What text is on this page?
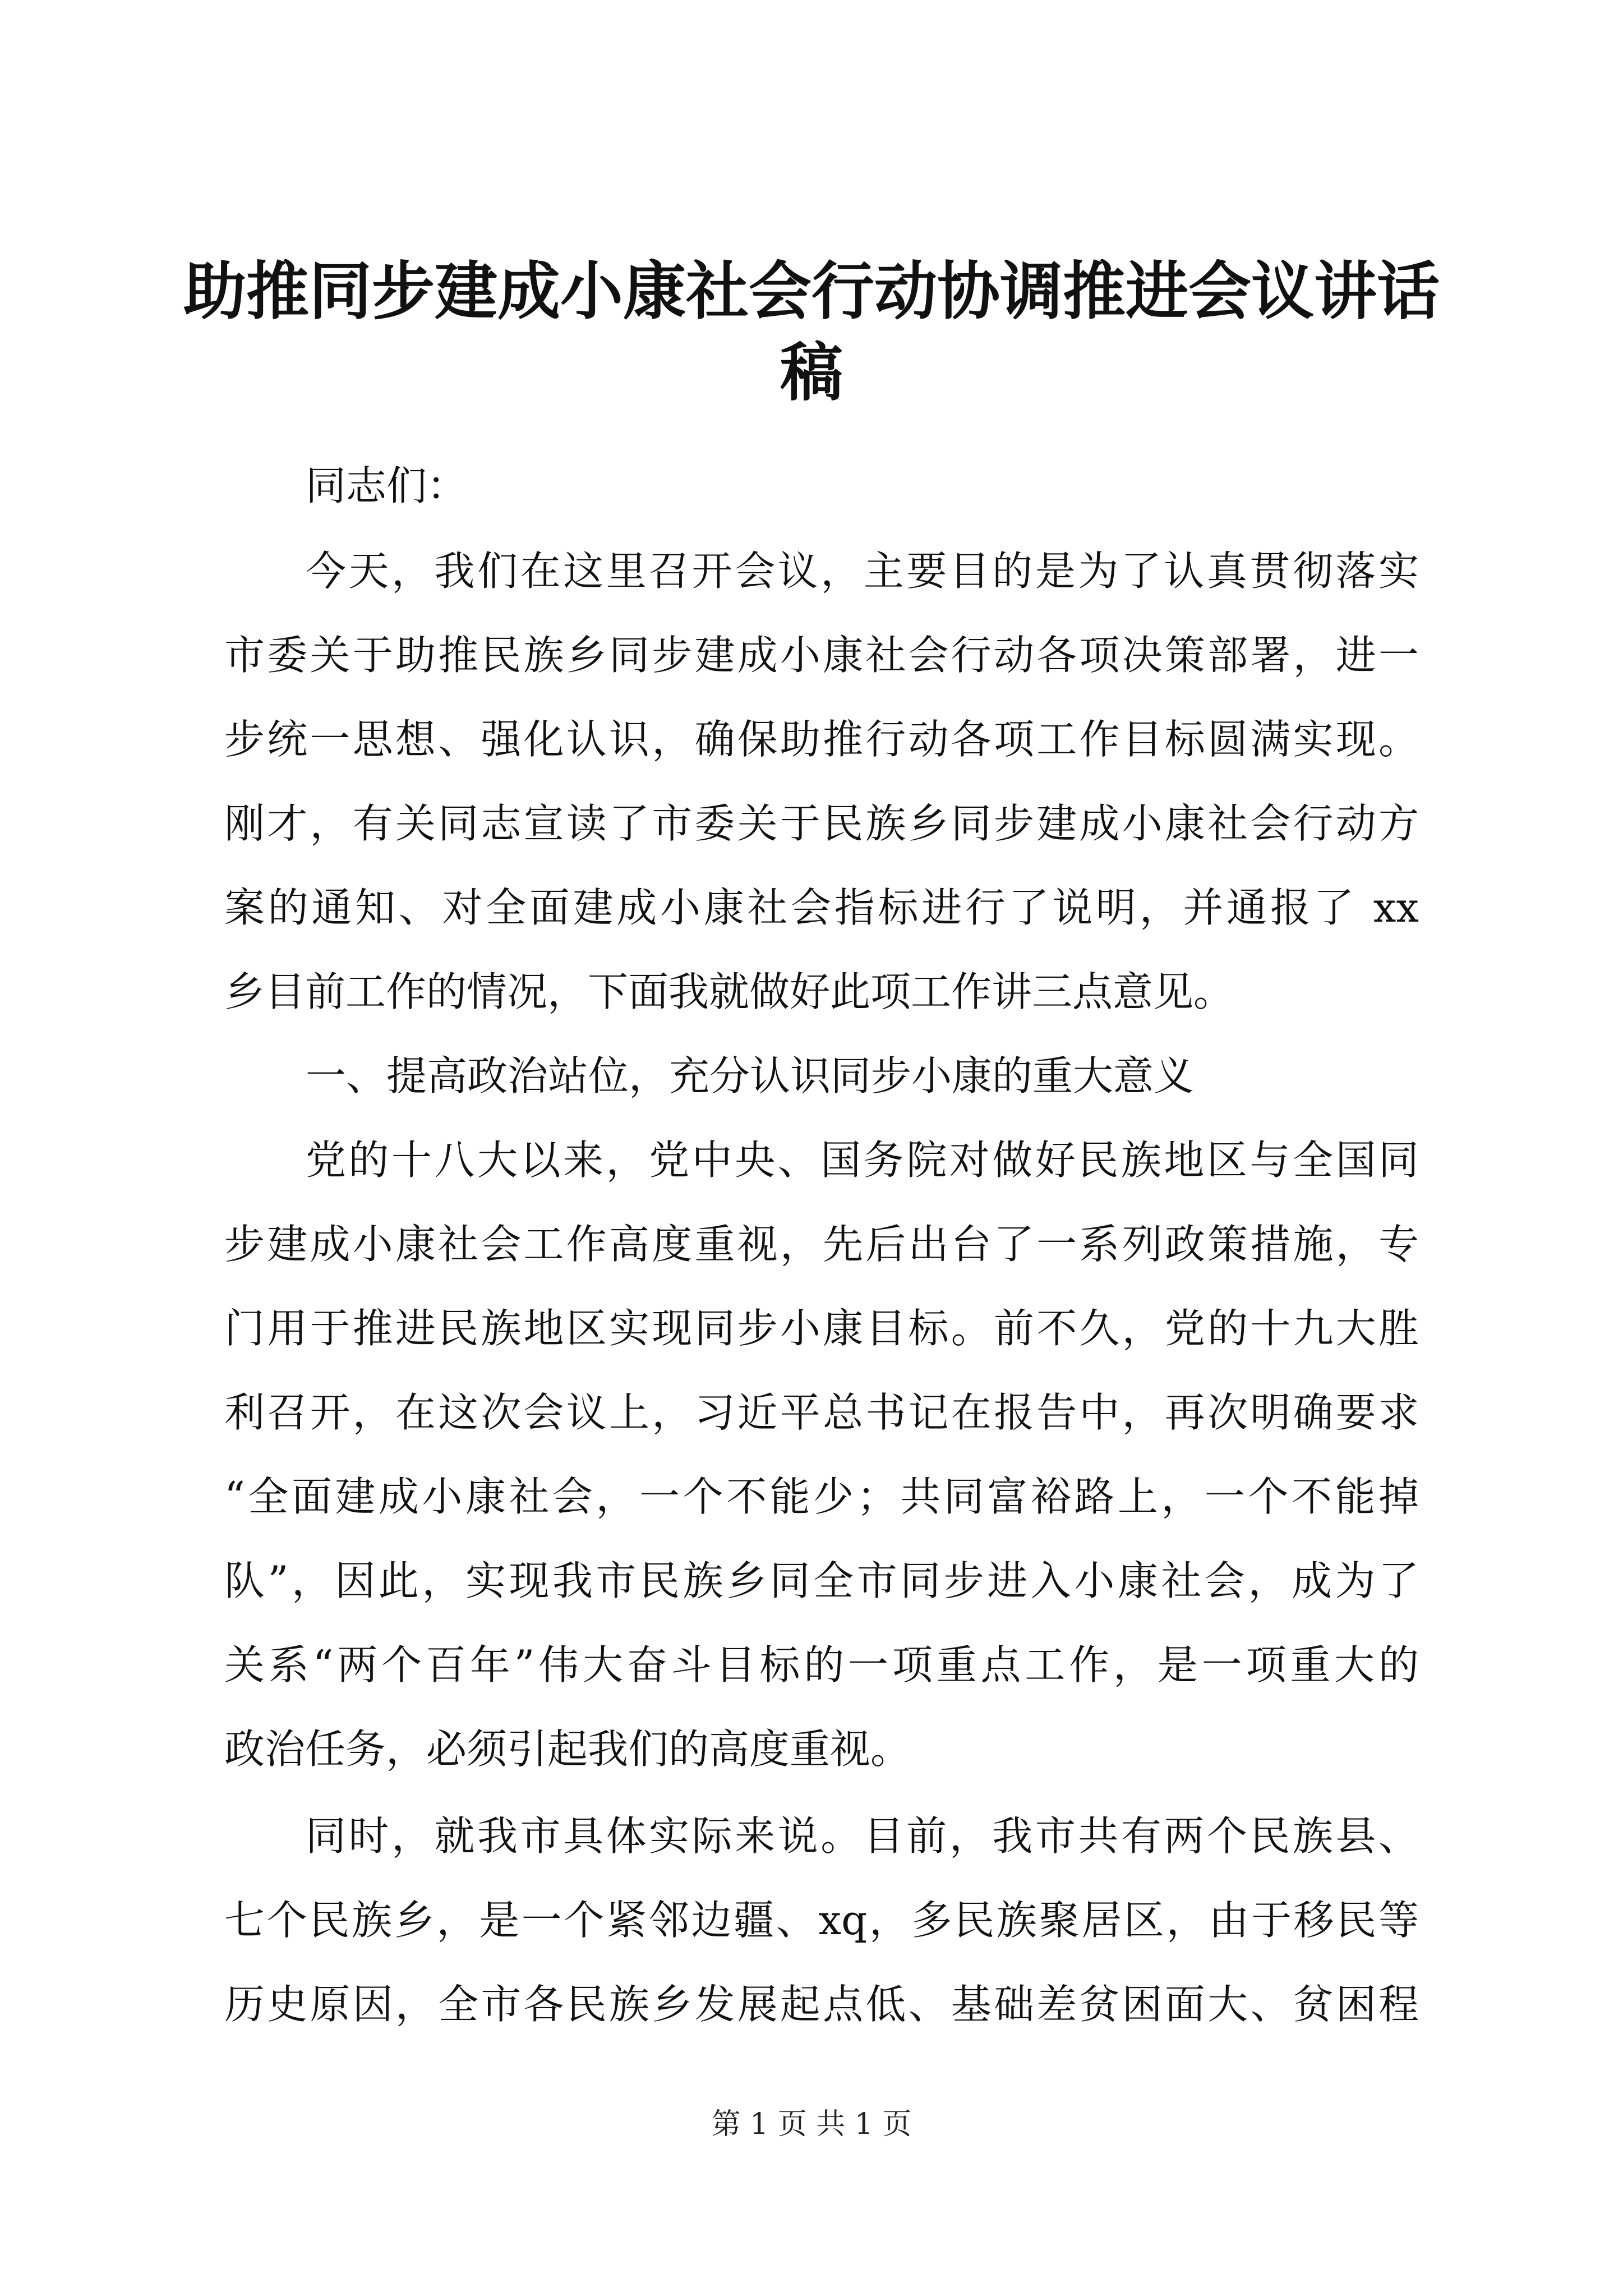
助推同步建成小康社会行动协调推进会议讲话
稿

同志们：

今天，我们在这里召开会议，主要目的是为了认真贯彻落实

市委关于助推民族乡同步建成小康社会行动各项决策部署，进一

步统一思想、强化认识，确保助推行动各项工作目标圆满实现。

刚才，有关同志宣读了市委关于民族乡同步建成小康社会行动方

案的通知、对全面建成小康社会指标进行了说明，并通报了 xx

乡目前工作的情况，下面我就做好此项工作讲三点意见。

一、提高政治站位，充分认识同步小康的重大意义

党的十八大以来，党中央、国务院对做好民族地区与全国同

步建成小康社会工作高度重视，先后出台了一系列政策措施，专

门用于推进民族地区实现同步小康目标。前不久，党的十九大胜

利召开，在这次会议上，习近平总书记在报告中，再次明确要求

“全面建成小康社会，一个不能少；共同富裕路上，一个不能掉

队”，因此，实现我市民族乡同全市同步进入小康社会，成为了

关系“两个百年”伟大奋斗目标的一项重点工作，是一项重大的

政治任务，必须引起我们的高度重视。

同时，就我市具体实际来说。目前，我市共有两个民族县、

七个民族乡，是一个紧邻边疆、xq，多民族聚居区，由于移民等

历史原因，全市各民族乡发展起点低、基础差贫困面大、贫困程

第 1 页 共 1 页
